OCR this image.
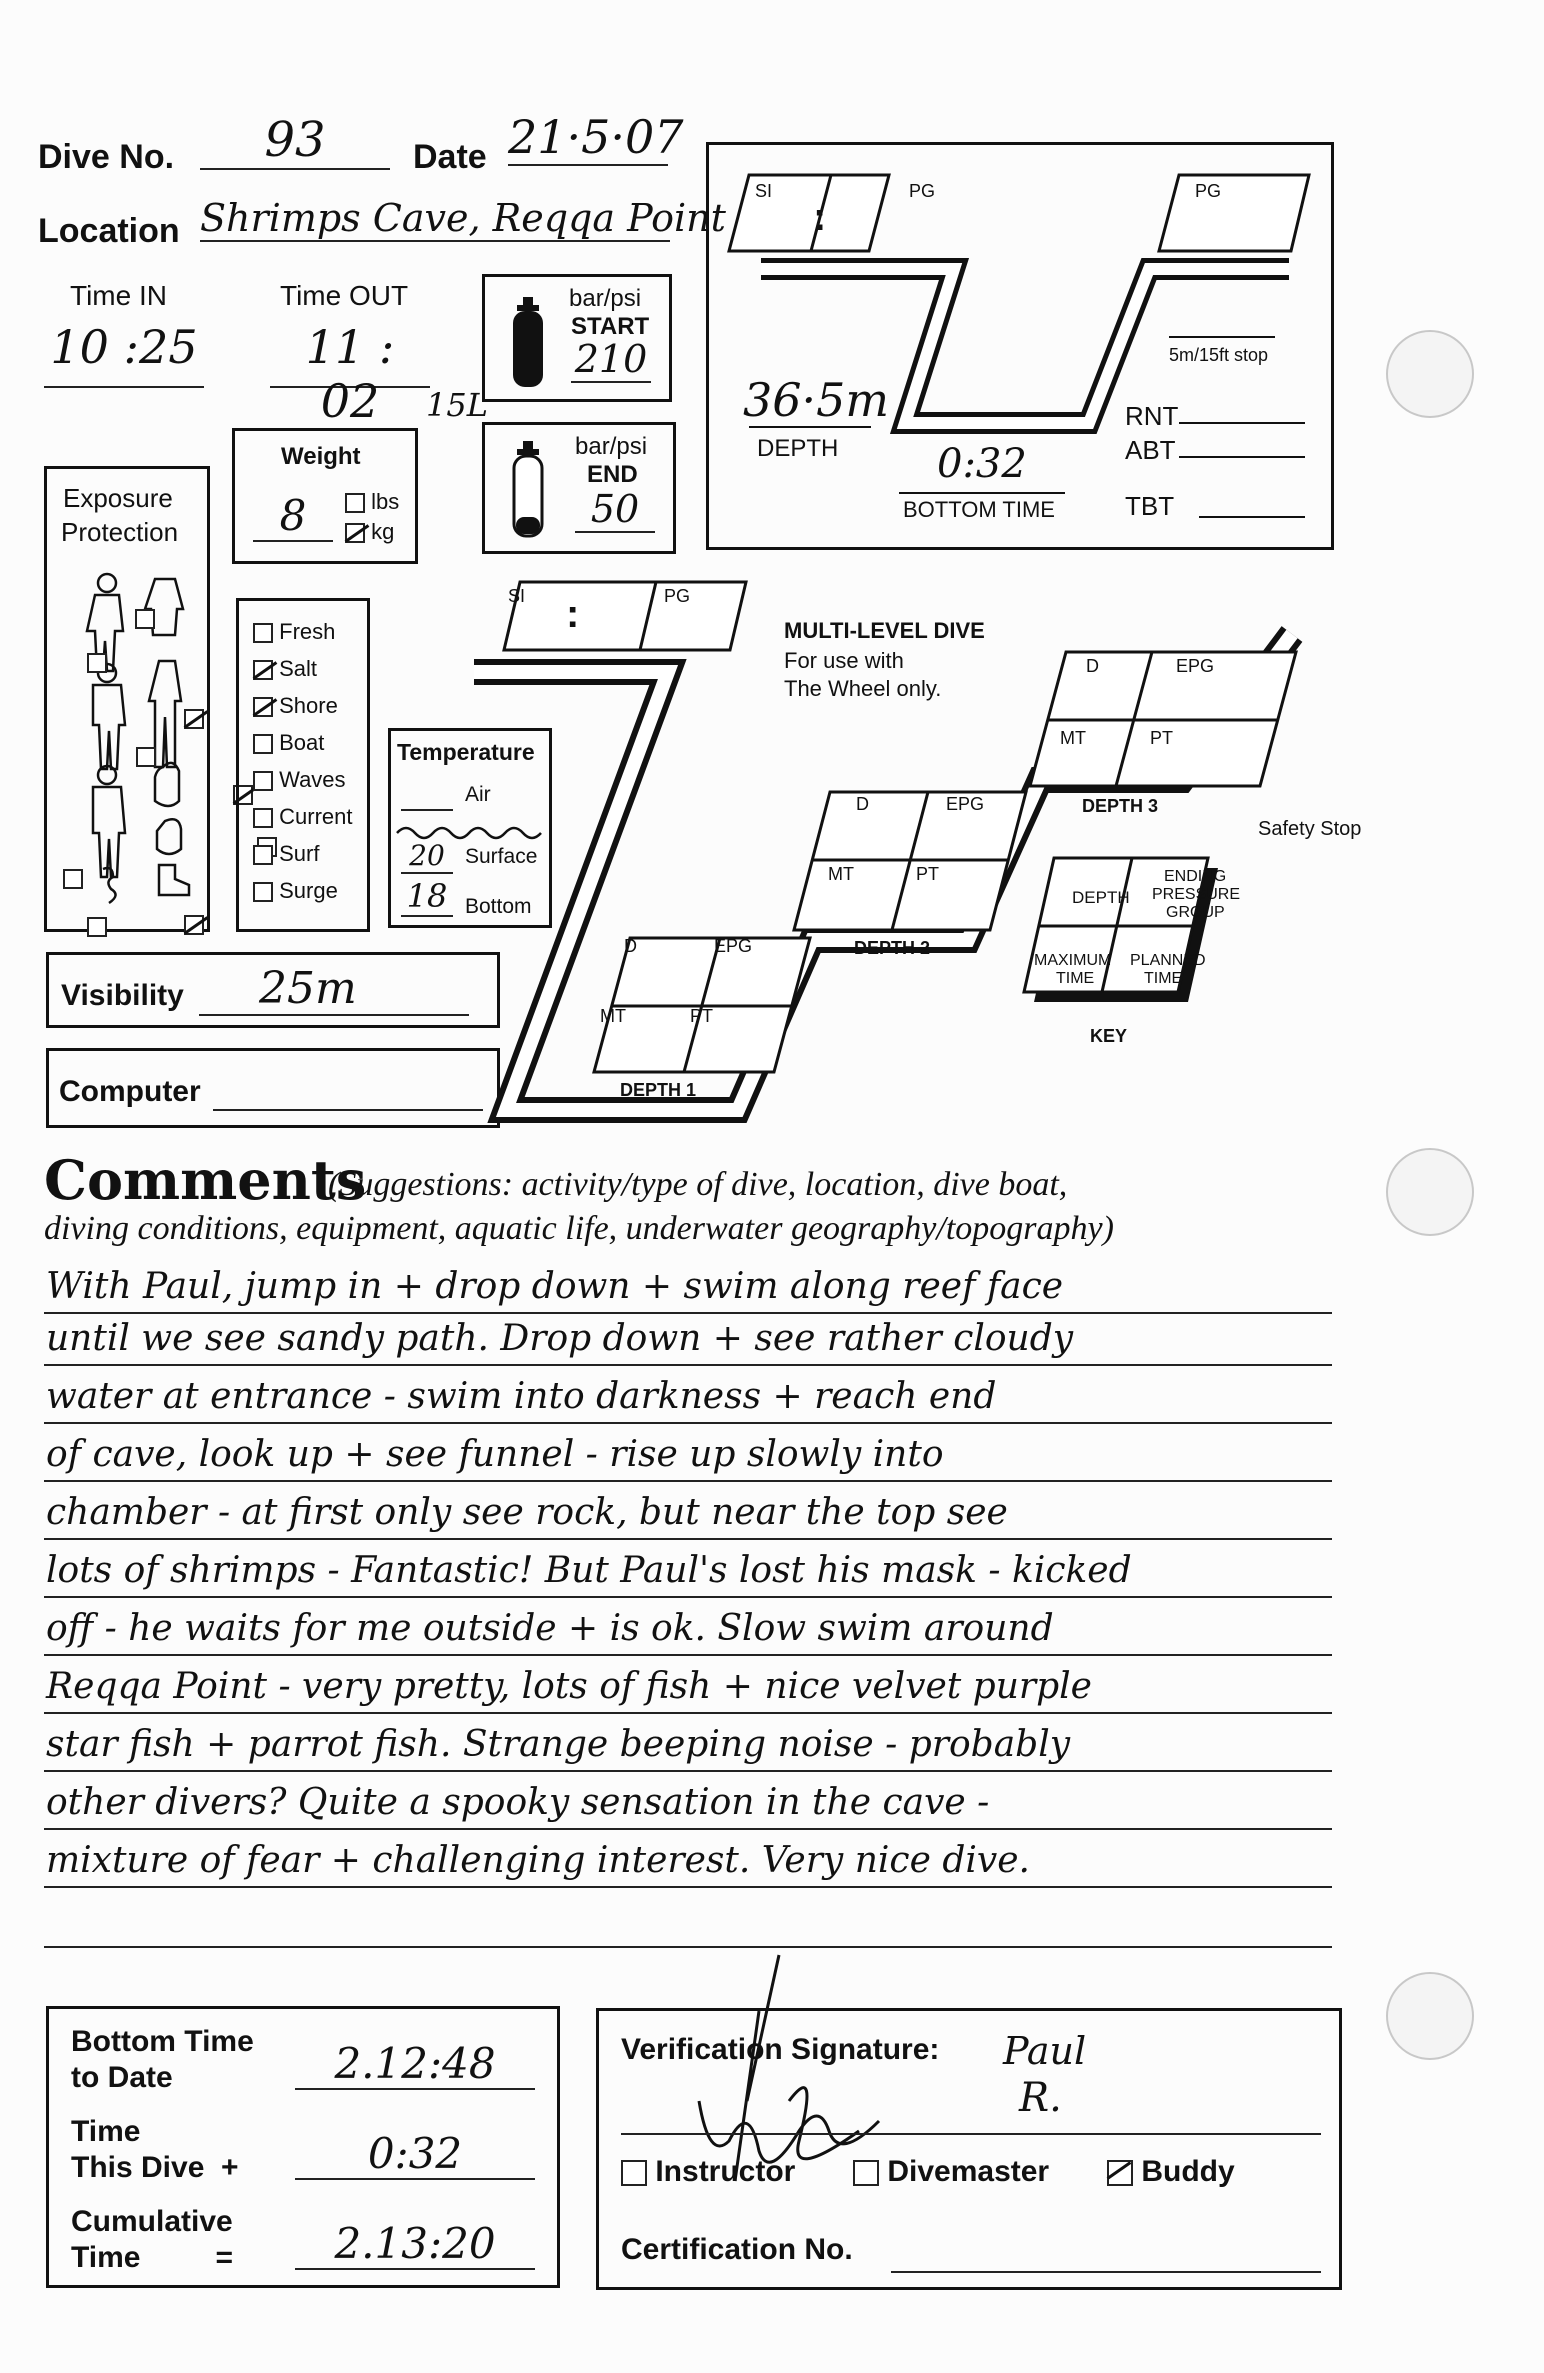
Dive No.	93	Date 21·5·07
Location Shrimps Cave, Reqqa Point
Time IN
10 :25
Time OUT
11 : 02	15L
bar/psi
START
210
bar/psi
END
50
Weight
8	lbs
kg
Exposure
Protection

Fresh
Salt
Shore
Boat
Waves
Current
Surf
Surge
Temperature
Air
20 Surface
18 Bottom
Visibility	25m
Computer
SI
:
PG	PG
5m/15ft stop
36·5m
DEPTH 0:32
BOTTOM TIME
RNT
ABT
TBT
SI :	PG
MULTI-LEVEL DIVE
For use with
The Wheel only.
D	EPG
MT	PT
DEPTH 3
Safety Stop
D	EPG
MT	PT
DEPTH 2
D	EPG
MT	PT
DEPTH 1
DEPTH
ENDING
PRESSURE
GROUP
MAXIMUM
TIME
PLANNED
TIME
KEY
Comments
(Suggestions: activity/type of dive, location, dive boat,
diving conditions, equipment, aquatic life, underwater geography/topography)
With Paul, jump in + drop down + swim along reef face
until we see sandy path. Drop down + see rather cloudy
water at entrance - swim into darkness + reach end
of cave, look up + see funnel - rise up slowly into
chamber - at first only see rock, but near the top see
lots of shrimps - Fantastic! But Paul's lost his mask - kicked
off - he waits for me outside + is ok. Slow swim around
Reqqa Point - very pretty, lots of fish + nice velvet purple
star fish + parrot fish. Strange beeping noise - probably
other divers? Quite a spooky sensation in the cave -
mixture of fear + challenging interest. Very nice dive.
Bottom Time
to Date	2.12:48
Time
This Dive  +	0:32
Cumulative
Time         =	2.13:20
Verification Signature: Paul
R.
Instructor	Divemaster	Buddy
Certification No.
